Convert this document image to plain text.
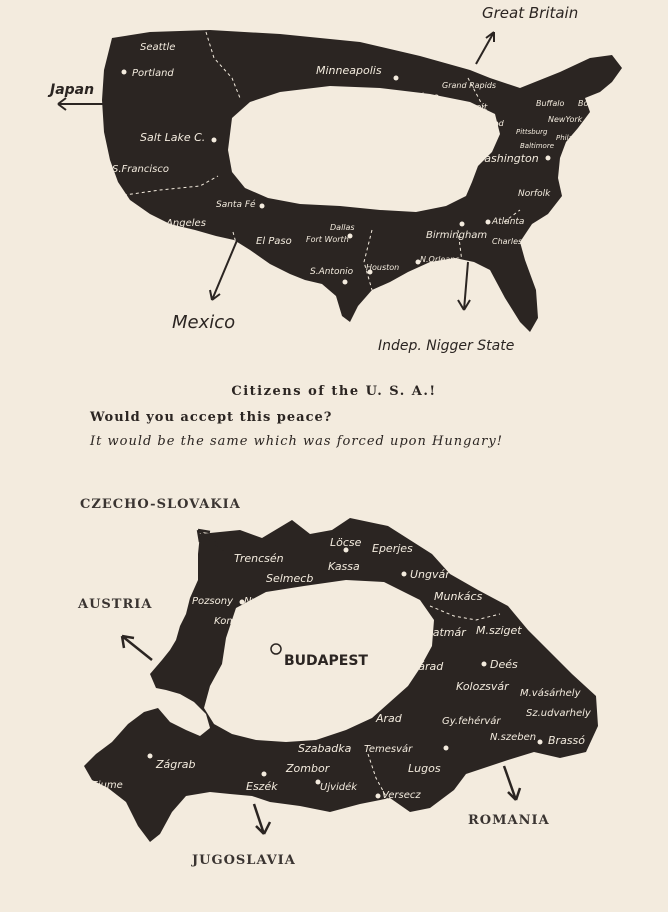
Seattle
Portland	Minneapolis
Milwaukee
Grand Rapids
Detroit
Chicago
Cleveland
Buffalo Boston
NewYork
Pittsburg
Philadelphia
Baltimore
Washington
Salt Lake C.
S.Francisco
Santa Fé
Los Angeles
El Paso
Dallas
Fort Worth
S.Antonio Houston
N.Orleans
Birmingham
Atlanta
Charleston
Norfolk
Great Britain
Japan
Mexico
Indep. Nigger State
Citizens of the U. S. A.!
Would you accept this peace?
It would be the same which was forced upon Hungary!
Trencsén
Löcse Eperjes
Kassa
Selmecb	Ungvár
Munkács
Pozsony Nyitra
Komárom
Szatmár M.sziget
BUDAPEST	N.várad	Deés
Kolozsvár
M.vásárhely
Sz.udvarhely
Arad	Gy.fehérvár
N.szeben Brassó
Zágrab
Szabadka Temesvár
Zombor	Lugos
Eszék	Ujvidék
Versecz
Fiume
CZECHO-SLOVAKIA
AUSTRIA
ROMANIA
JUGOSLAVIA
